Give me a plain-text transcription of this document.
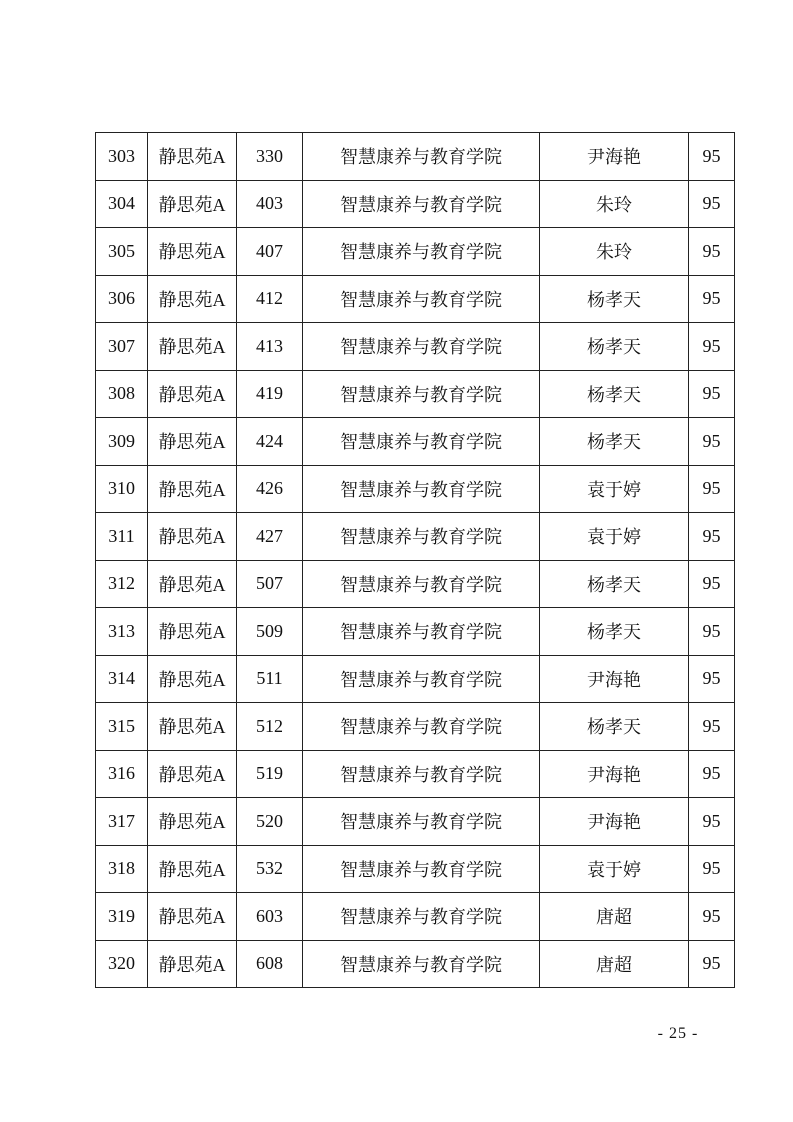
303	静思苑A	330	智慧康养与教育学院	尹海艳	95
304	静思苑A	403	智慧康养与教育学院	朱玲	95
305	静思苑A	407	智慧康养与教育学院	朱玲	95
306	静思苑A	412	智慧康养与教育学院	杨孝天	95
307	静思苑A	413	智慧康养与教育学院	杨孝天	95
308	静思苑A	419	智慧康养与教育学院	杨孝天	95
309	静思苑A	424	智慧康养与教育学院	杨孝天	95
310	静思苑A	426	智慧康养与教育学院	袁于婷	95
311	静思苑A	427	智慧康养与教育学院	袁于婷	95
312	静思苑A	507	智慧康养与教育学院	杨孝天	95
313	静思苑A	509	智慧康养与教育学院	杨孝天	95
314	静思苑A	511	智慧康养与教育学院	尹海艳	95
315	静思苑A	512	智慧康养与教育学院	杨孝天	95
316	静思苑A	519	智慧康养与教育学院	尹海艳	95
317	静思苑A	520	智慧康养与教育学院	尹海艳	95
318	静思苑A	532	智慧康养与教育学院	袁于婷	95
319	静思苑A	603	智慧康养与教育学院	唐超	95
320	静思苑A	608	智慧康养与教育学院	唐超	95
- 25 -
